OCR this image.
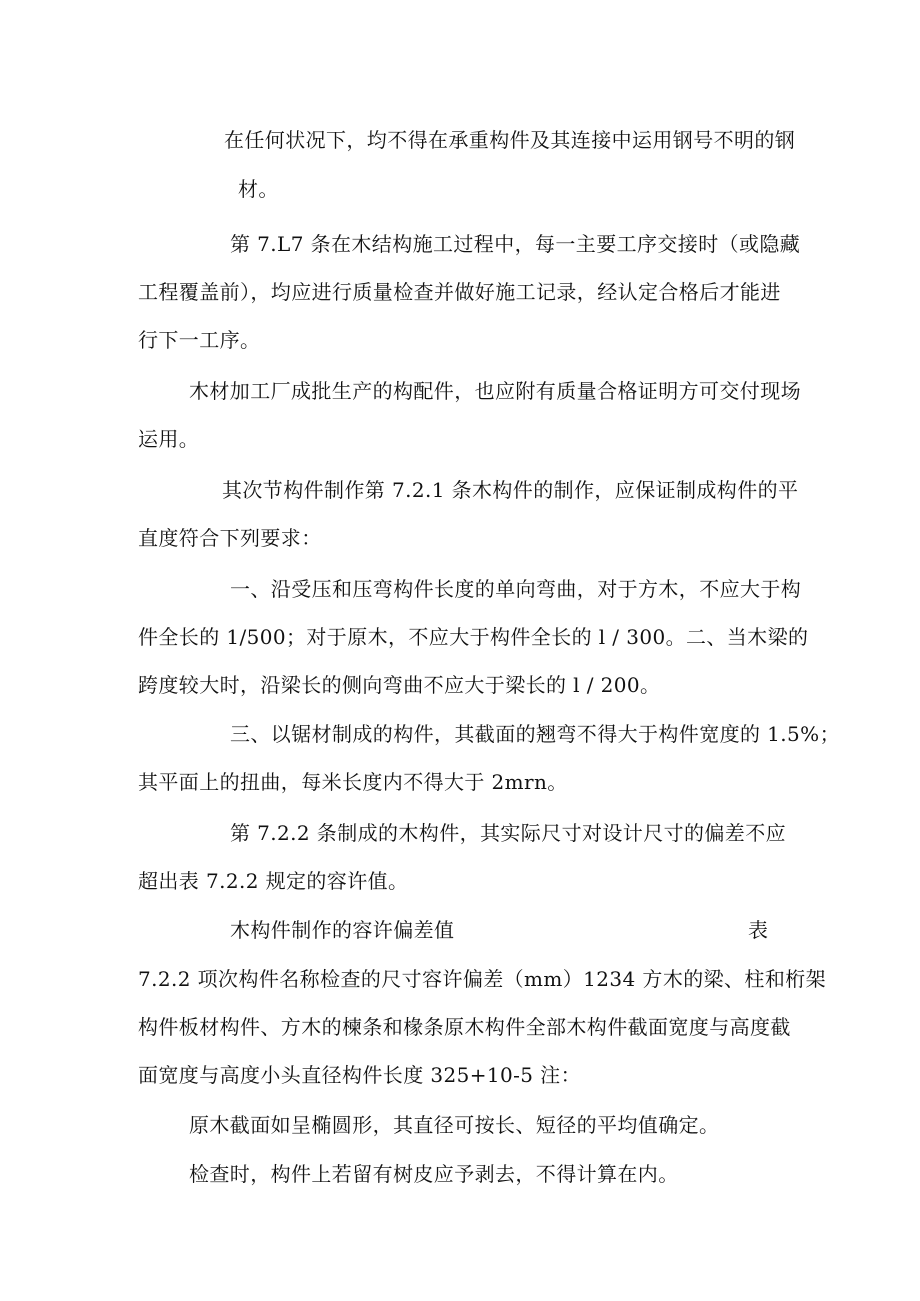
在任何状况下，均不得在承重构件及其连接中运用钢号不明的钢
材。
第 7.L7 条在木结构施工过程中，每一主要工序交接时（或隐藏
工程覆盖前），均应进行质量检查并做好施工记录，经认定合格后才能进
行下一工序。
木材加工厂成批生产的构配件，也应附有质量合格证明方可交付现场
运用。
其次节构件制作第 7.2.1 条木构件的制作，应保证制成构件的平
直度符合下列要求：
一、沿受压和压弯构件长度的单向弯曲，对于方木，不应大于构
件全长的 1/500；对于原木，不应大于构件全长的 l / 300。二、当木梁的
跨度较大时，沿梁长的侧向弯曲不应大于梁长的 l / 200。
三、以锯材制成的构件，其截面的翘弯不得大于构件宽度的 1.5%；
其平面上的扭曲，每米长度内不得大于 2mrn。
第 7.2.2 条制成的木构件，其实际尺寸对设计尺寸的偏差不应
超出表 7.2.2 规定的容许值。
木构件制作的容许偏差值	表
7.2.2 项次构件名称检查的尺寸容许偏差（mm）1234 方木的梁、柱和桁架
构件板材构件、方木的楝条和椽条原木构件全部木构件截面宽度与高度截
面宽度与高度小头直径构件长度 325+10-5 注：
原木截面如呈椭圆形，其直径可按长、短径的平均值确定。
检查时，构件上若留有树皮应予剥去，不得计算在内。
